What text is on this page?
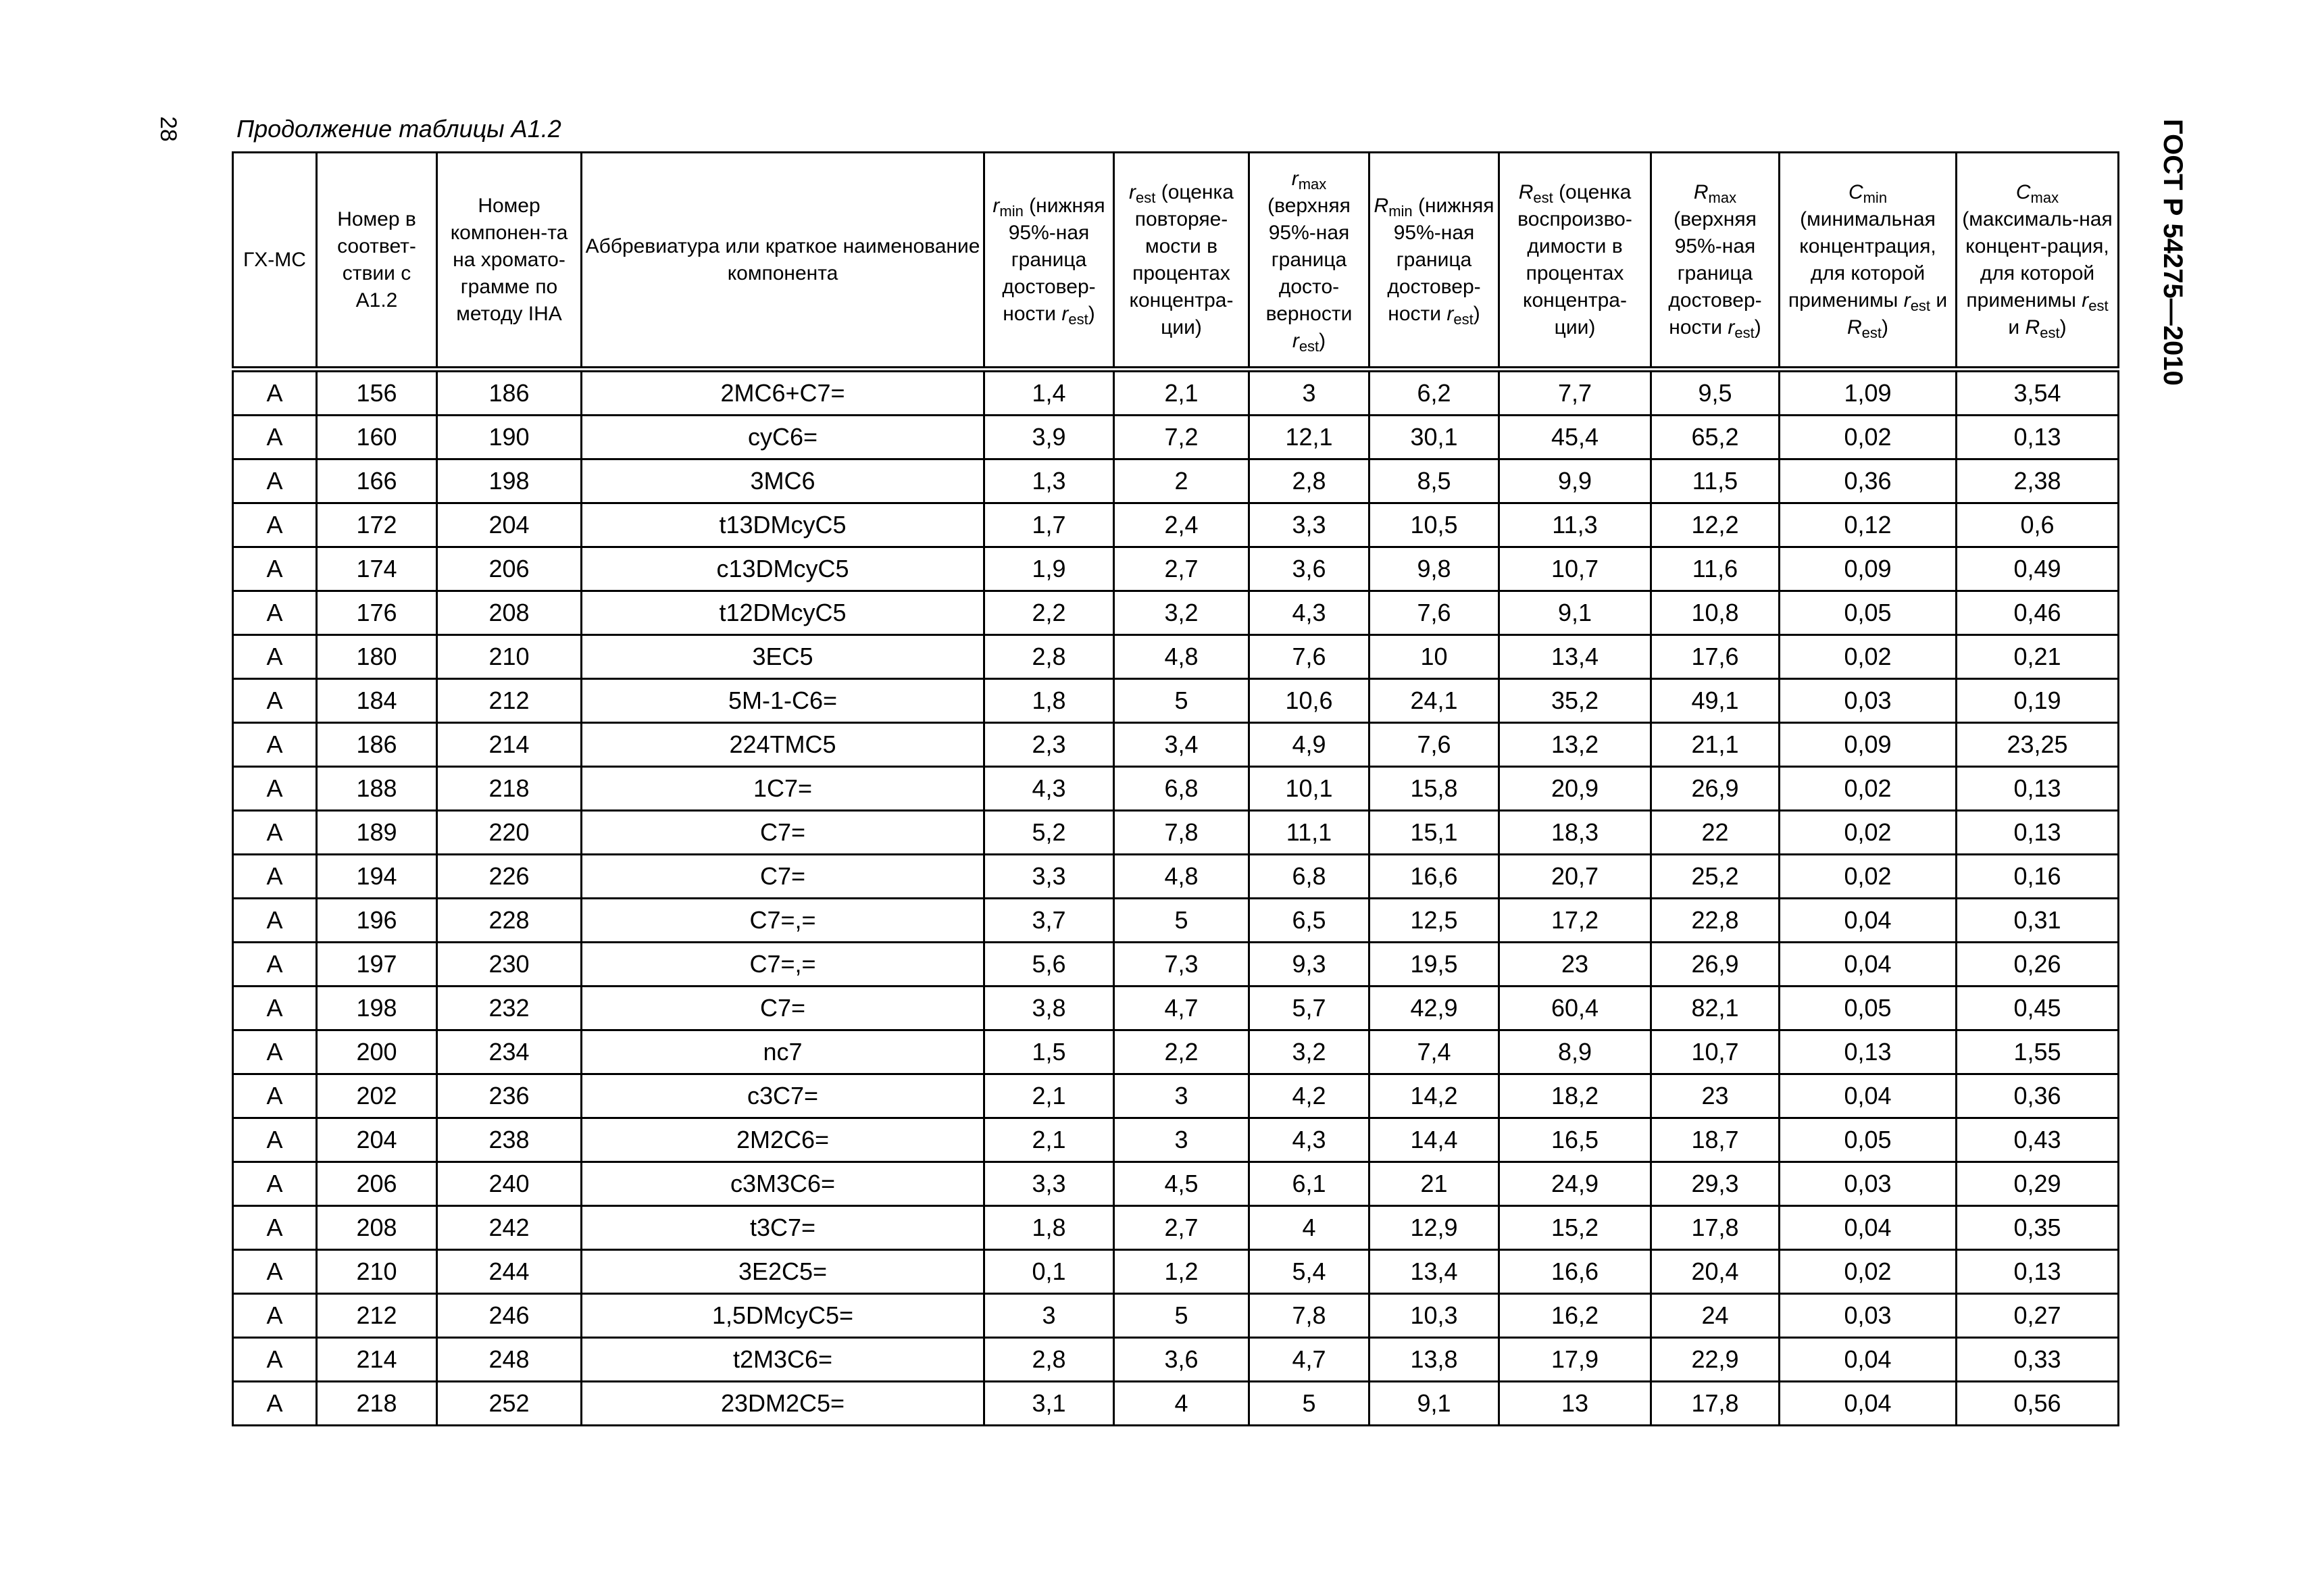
28 Продолжение таблицы А1.2	ГОСТ Р 54275—2010
ГХ-МС	Номер в соответ-ствии с А1.2	Номер компонен-та на хромато-грамме по методу IHA	Аббревиатура или краткое наименование компонента	$r_{min}$ (нижняя 95%-ная граница достовер-ности $r_{est}$)	$r_{est}$ (оценка повторяе-мости в процентах концентра-ции)	$r_{max}$ (верхняя 95%-ная граница досто-верности $r_{est}$)	$R_{min}$ (нижняя 95%-ная граница достовер-ности $r_{est}$)	$R_{est}$ (оценка воспроизво-димости в процентах концентра-ции)	$R_{max}$ (верхняя 95%-ная граница достовер-ности $r_{est}$)	$C_{min}$ (минимальная концентрация, для которой применимы $r_{est}$ и $R_{est}$)	$C_{max}$ (максималь-ная концент-рация, для которой применимы $r_{est}$ и $R_{est}$)
А	156	186	2МС6+С7=	1,4	2,1	3	6,2	7,7	9,5	1,09	3,54
А	160	190	суС6=	3,9	7,2	12,1	30,1	45,4	65,2	0,02	0,13
А	166	198	3МС6	1,3	2	2,8	8,5	9,9	11,5	0,36	2,38
А	172	204	t13DMcyC5	1,7	2,4	3,3	10,5	11,3	12,2	0,12	0,6
А	174	206	c13DMcyC5	1,9	2,7	3,6	9,8	10,7	11,6	0,09	0,49
А	176	208	t12DMcyC5	2,2	3,2	4,3	7,6	9,1	10,8	0,05	0,46
А	180	210	3ЕС5	2,8	4,8	7,6	10	13,4	17,6	0,02	0,21
А	184	212	5М-1-С6=	1,8	5	10,6	24,1	35,2	49,1	0,03	0,19
А	186	214	224ТМС5	2,3	3,4	4,9	7,6	13,2	21,1	0,09	23,25
А	188	218	1С7=	4,3	6,8	10,1	15,8	20,9	26,9	0,02	0,13
А	189	220	С7=	5,2	7,8	11,1	15,1	18,3	22	0,02	0,13
А	194	226	С7=	3,3	4,8	6,8	16,6	20,7	25,2	0,02	0,16
А	196	228	С7=,=	3,7	5	6,5	12,5	17,2	22,8	0,04	0,31
А	197	230	С7=,=	5,6	7,3	9,3	19,5	23	26,9	0,04	0,26
А	198	232	С7=	3,8	4,7	5,7	42,9	60,4	82,1	0,05	0,45
А	200	234	nc7	1,5	2,2	3,2	7,4	8,9	10,7	0,13	1,55
А	202	236	с3С7=	2,1	3	4,2	14,2	18,2	23	0,04	0,36
А	204	238	2М2С6=	2,1	3	4,3	14,4	16,5	18,7	0,05	0,43
А	206	240	с3М3С6=	3,3	4,5	6,1	21	24,9	29,3	0,03	0,29
А	208	242	t3С7=	1,8	2,7	4	12,9	15,2	17,8	0,04	0,35
А	210	244	3Е2С5=	0,1	1,2	5,4	13,4	16,6	20,4	0,02	0,13
А	212	246	1,5DMcyC5=	3	5	7,8	10,3	16,2	24	0,03	0,27
А	214	248	t2М3С6=	2,8	3,6	4,7	13,8	17,9	22,9	0,04	0,33
А	218	252	23DМ2С5=	3,1	4	5	9,1	13	17,8	0,04	0,56
